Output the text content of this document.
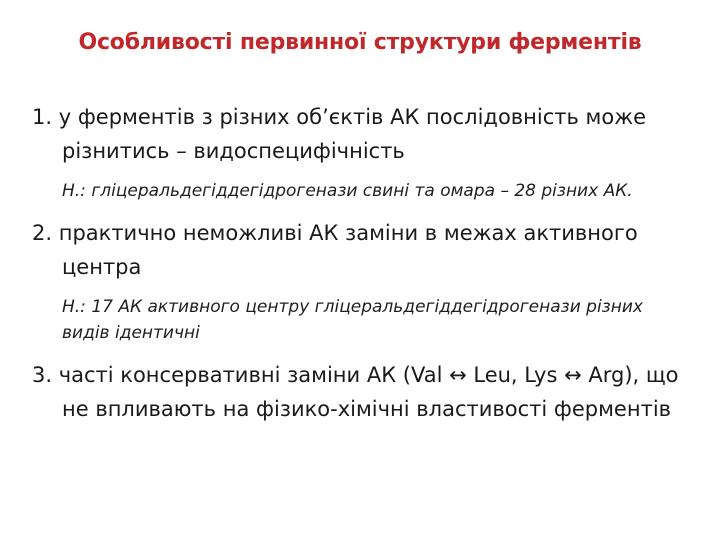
Особливості первинної структури ферментів

1. у ферментів з різних об’єктів АК послідовність може різнитись – видоспецифічність

Н.: гліцеральдегіддегідрогенази свині та омара – 28 різних АК.

2. практично неможливі АК заміни в межах активного центра

Н.: 17 АК активного центру гліцеральдегіддегідрогенази різних видів ідентичні

3. часті консервативні заміни АК (Val ↔ Leu, Lys ↔ Arg), що не впливають на фізико-хімічні властивості ферментів
